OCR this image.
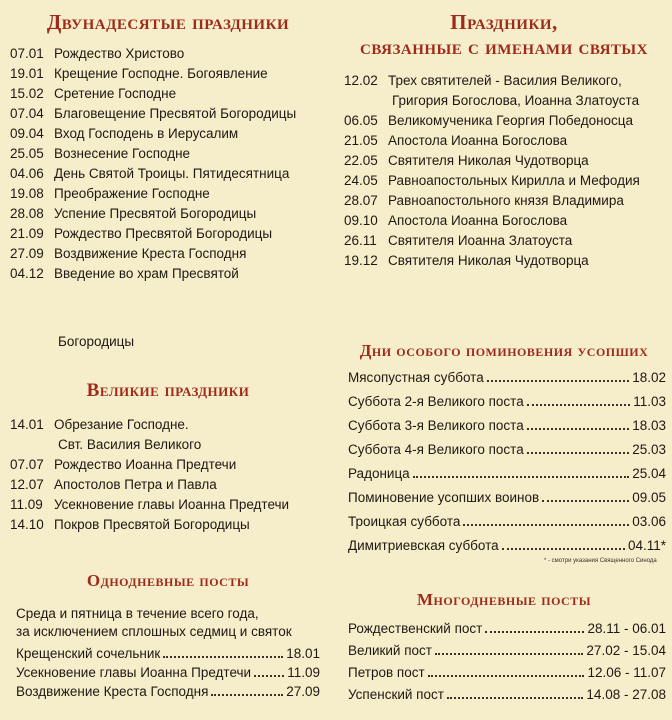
Двунадесятые праздники
07.01 Рождество Христово
19.01 Крещение Господне. Богоявление
15.02 Сретение Господне
07.04 Благовещение Пресвятой Богородицы
09.04 Вход Господень в Иерусалим
25.05 Вознесение Господне
04.06 День Святой Троицы. Пятидесятница
19.08 Преображение Господне
28.08 Успение Пресвятой Богородицы
21.09 Рождество Пресвятой Богородицы
27.09 Воздвижение Креста Господня
04.12 Введение во храм Пресвятой
Богородицы
Великие праздники
14.01 Обрезание Господне.
Свт. Василия Великого
07.07 Рождество Иоанна Предтечи
12.07 Апостолов Петра и Павла
11.09 Усекновение главы Иоанна Предтечи
14.10 Покров Пресвятой Богородицы
Однодневные посты
Среда и пятница в течение всего года,
за исключением сплошных седмиц и святок
Крещенский сочельник	18.01
Усекновение главы Иоанна Предтечи	11.09
Воздвижение Креста Господня	27.09
Праздники,
связанные с именами святых
12.02 Трех святителей - Василия Великого,
Григория Богослова, Иоанна Златоуста
06.05 Великомученика Георгия Победоносца
21.05 Апостола Иоанна Богослова
22.05 Святителя Николая Чудотворца
24.05 Равноапостольных Кирилла и Мефодия
28.07 Равноапостольного князя Владимира
09.10 Апостола Иоанна Богослова
26.11 Святителя Иоанна Златоуста
19.12 Святителя Николая Чудотворца
Дни особого поминовения усопших
Мясопустная суббота	18.02
Суббота 2-я Великого поста	11.03
Суббота 3-я Великого поста	18.03
Суббота 4-я Великого поста	25.03
Радоница	25.04
Поминовение усопших воинов	09.05
Троицкая суббота	03.06
Димитриевская суббота	04.11*
* - смотри указания Священного Синода
Многодневные посты
Рождественский пост	28.11 - 06.01
Великий пост	27.02 - 15.04
Петров пост	12.06 - 11.07
Успенский пост	14.08 - 27.08
